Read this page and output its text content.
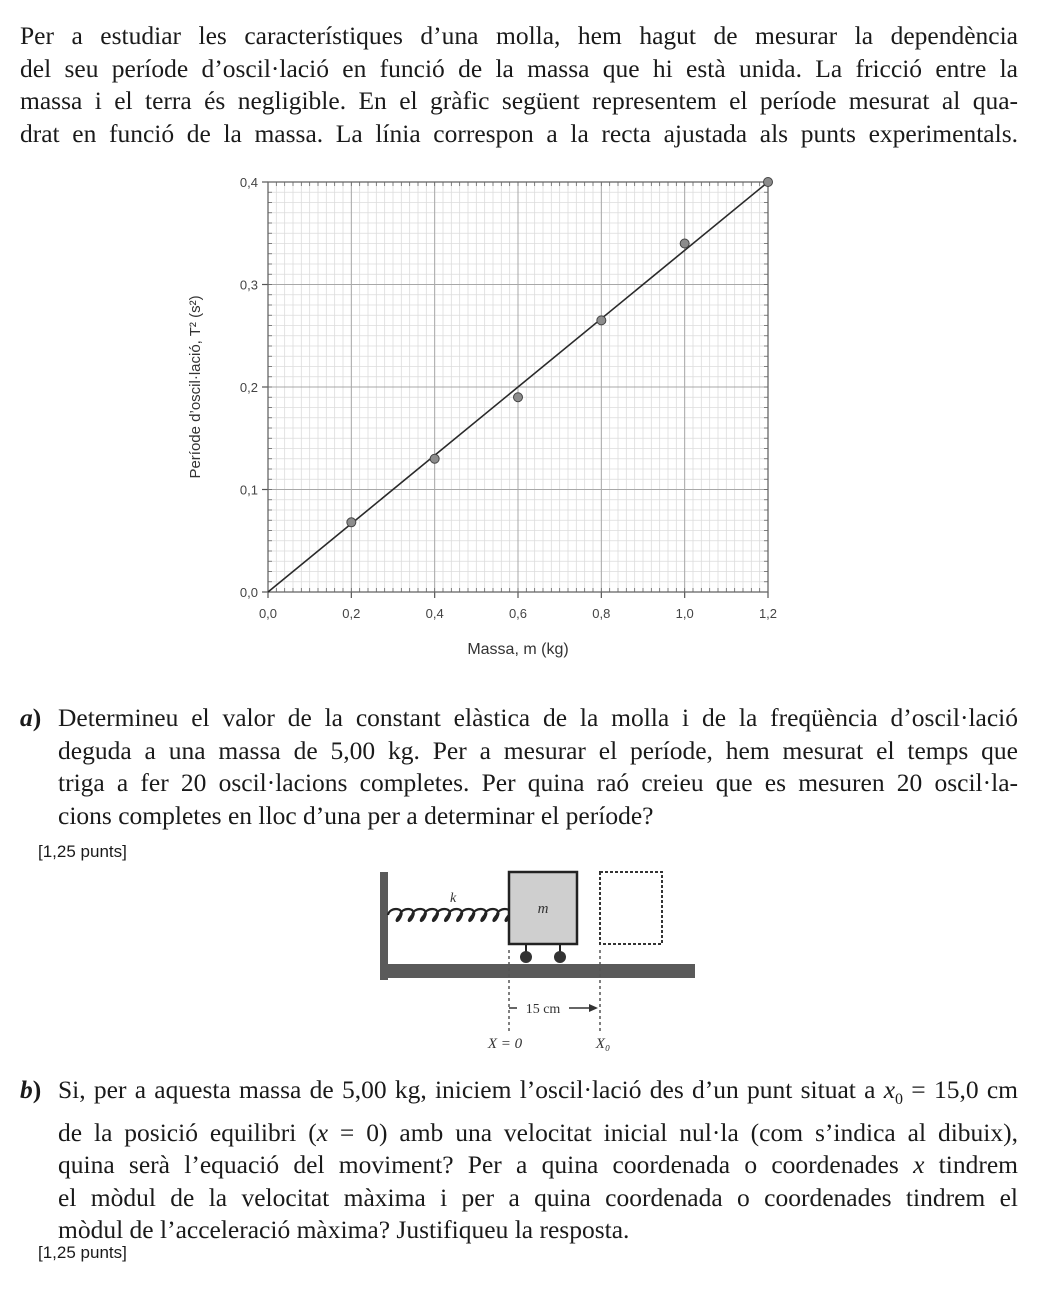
Per a estudiar les característiques d’una molla, hem hagut de mesurar la dependència
del seu període d’oscil·lació en funció de la massa que hi està unida. La fricció entre la
massa i el terra és negligible. En el gràfic següent representem el període mesurat al qua-
drat en funció de la massa. La línia correspon a la recta ajustada als punts experimentals.
0,0	0,2	0,4	0,6	0,8	1,0	1,2
0,0
0,1
0,2
0,3
0,4
Massa, m (kg)
Període d’oscil·lació, T² (s²)
a) Determineu el valor de la constant elàstica de la molla i de la freqüència d’oscil·lació
deguda a una massa de 5,00 kg. Per a mesurar el període, hem mesurat el temps que
triga a fer 20 oscil·lacions completes. Per quina raó creieu que es mesuren 20 oscil·la-
cions completes en lloc d’una per a determinar el període?
[1,25 punts]
k
m
15 cm
X = 0	X₀
b) Si, per a aquesta massa de 5,00 kg, iniciem l’oscil·lació des d’un punt situat a $x_0 = 15,0$ cm
de la posició equilibri (x = 0) amb una velocitat inicial nul·la (com s’indica al dibuix),
quina serà l’equació del moviment? Per a quina coordenada o coordenades x tindrem
el mòdul de la velocitat màxima i per a quina coordenada o coordenades tindrem el
mòdul de l’acceleració màxima? Justifiqueu la resposta.
[1,25 punts]
